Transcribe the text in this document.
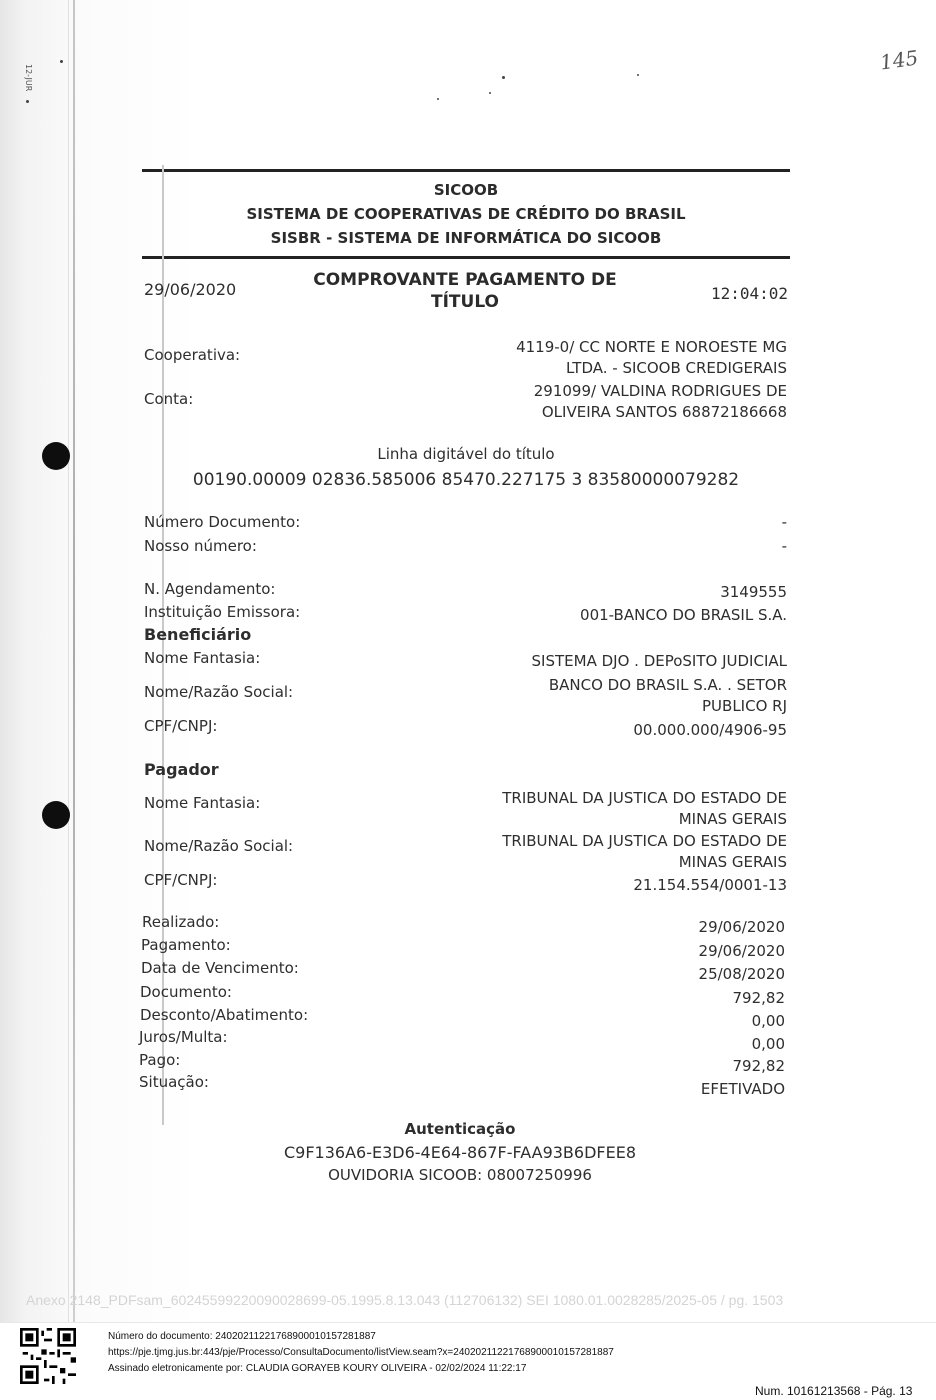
12-JUR
145
SICOOB
SISTEMA DE COOPERATIVAS DE CRÉDITO DO BRASIL
SISBR - SISTEMA DE INFORMÁTICA DO SICOOB
29/06/2020	COMPROVANTE PAGAMENTO DE
TÍTULO	12:04:02
Cooperativa:	4119-0/ CC NORTE E NOROESTE MG
LTDA. - SICOOB CREDIGERAIS
Conta:	291099/ VALDINA RODRIGUES DE
OLIVEIRA SANTOS 68872186668
Linha digitável do título
00190.00009 02836.585006 85470.227175 3 83580000079282
Número Documento:	-
Nosso número:	-
N. Agendamento:	3149555
Instituição Emissora:	001-BANCO DO BRASIL S.A.
Beneficiário
Nome Fantasia:	SISTEMA DJO . DEPoSITO JUDICIAL
Nome/Razão Social:	BANCO DO BRASIL S.A. . SETOR
PUBLICO RJ
CPF/CNPJ:	00.000.000/4906-95
Pagador
Nome Fantasia:	TRIBUNAL DA JUSTICA DO ESTADO DE
MINAS GERAIS
Nome/Razão Social:	TRIBUNAL DA JUSTICA DO ESTADO DE
MINAS GERAIS
CPF/CNPJ:	21.154.554/0001-13
Realizado:	29/06/2020
Pagamento:	29/06/2020
Data de Vencimento:	25/08/2020
Documento:	792,82
Desconto/Abatimento:	0,00
Juros/Multa:	0,00
Pago:	792,82
Situação:	EFETIVADO
Autenticação
C9F136A6-E3D6-4E64-867F-FAA93B6DFEE8
OUVIDORIA SICOOB: 08007250996
Anexo 2148_PDFsam_60245599220090028699-05.1995.8.13.043 (112706132) SEI 1080.01.0028285/2025-05 / pg. 1503
Número do documento: 24020211221768900010157281887
https://pje.tjmg.jus.br:443/pje/Processo/ConsultaDocumento/listView.seam?x=24020211221768900010157281887
Assinado eletronicamente por: CLAUDIA GORAYEB KOURY OLIVEIRA - 02/02/2024 11:22:17
Num. 10161213568 - Pág. 13
